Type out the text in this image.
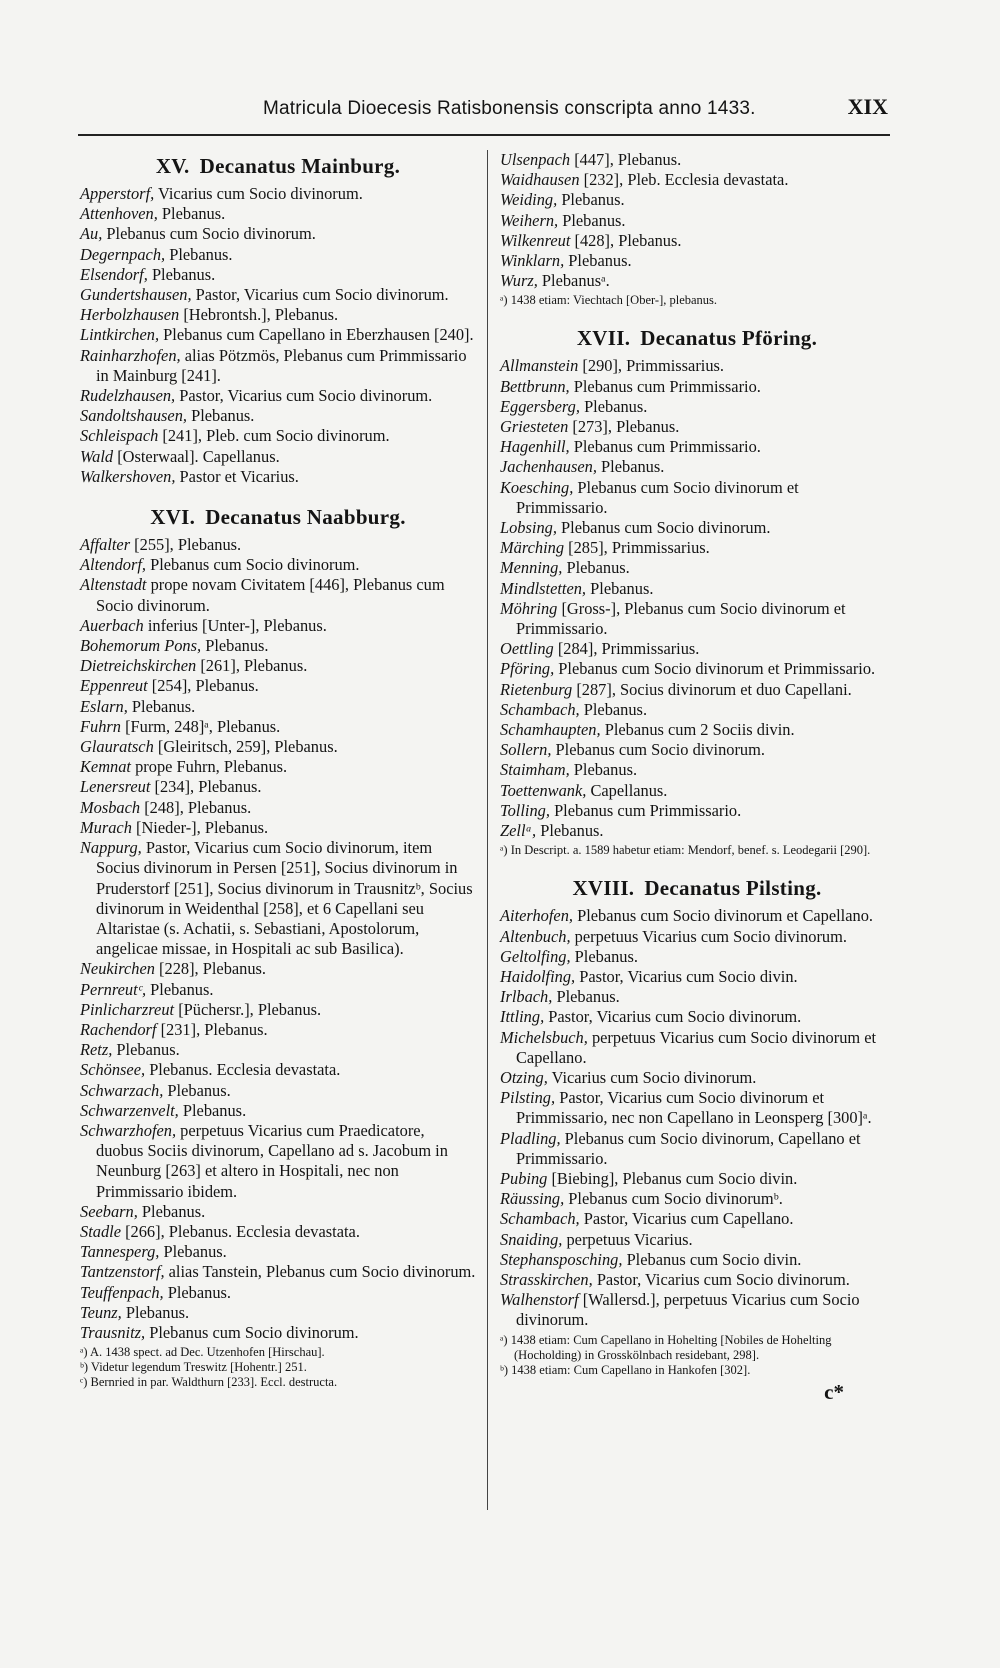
Matricula Dioecesis Ratisbonensis conscripta anno 1433.	XIX
XV. Decanatus Mainburg.
Apperstorf, Vicarius cum Socio divinorum.
Attenhoven, Plebanus.
Au, Plebanus cum Socio divinorum.
Degernpach, Plebanus.
Elsendorf, Plebanus.
Gundertshausen, Pastor, Vicarius cum Socio divinorum.
Herbolzhausen [Hebrontsh.], Plebanus.
Lintkirchen, Plebanus cum Capellano in Eberzhausen [240].
Rainharzhofen, alias Pötzmös, Plebanus cum Primmissario in Mainburg [241].
Rudelzhausen, Pastor, Vicarius cum Socio divinorum.
Sandoltshausen, Plebanus.
Schleispach [241], Pleb. cum Socio divinorum.
Wald [Osterwaal]. Capellanus.
Walkershoven, Pastor et Vicarius.
XVI. Decanatus Naabburg.
Affalter [255], Plebanus.
Altendorf, Plebanus cum Socio divinorum.
Altenstadt prope novam Civitatem [446], Plebanus cum Socio divinorum.
Auerbach inferius [Unter-], Plebanus.
Bohemorum Pons, Plebanus.
Dietreichskirchen [261], Plebanus.
Eppenreut [254], Plebanus.
Eslarn, Plebanus.
Fuhrn [Furm, 248]ᵃ, Plebanus.
Glauratsch [Gleiritsch, 259], Plebanus.
Kemnat prope Fuhrn, Plebanus.
Lenersreut [234], Plebanus.
Mosbach [248], Plebanus.
Murach [Nieder-], Plebanus.
Nappurg, Pastor, Vicarius cum Socio divinorum, item Socius divinorum in Persen [251], Socius divinorum in Pruderstorf [251], Socius divinorum in Trausnitzᵇ, Socius divinorum in Weidenthal [258], et 6 Capellani seu Altaristae (s. Achatii, s. Sebastiani, Apostolorum, angelicae missae, in Hospitali ac sub Basilica).
Neukirchen [228], Plebanus.
Pernreutᶜ, Plebanus.
Pinlicharzreut [Püchersr.], Plebanus.
Rachendorf [231], Plebanus.
Retz, Plebanus.
Schönsee, Plebanus. Ecclesia devastata.
Schwarzach, Plebanus.
Schwarzenvelt, Plebanus.
Schwarzhofen, perpetuus Vicarius cum Praedicatore, duobus Sociis divinorum, Capellano ad s. Jacobum in Neunburg [263] et altero in Hospitali, nec non Primmissario ibidem.
Seebarn, Plebanus.
Stadle [266], Plebanus. Ecclesia devastata.
Tannesperg, Plebanus.
Tantzenstorf, alias Tanstein, Plebanus cum Socio divinorum.
Teuffenpach, Plebanus.
Teunz, Plebanus.
Trausnitz, Plebanus cum Socio divinorum.
ᵃ) A. 1438 spect. ad Dec. Utzenhofen [Hirschau].
ᵇ) Videtur legendum Treswitz [Hohentr.] 251.
ᶜ) Bernried in par. Waldthurn [233]. Eccl. destructa.
Ulsenpach [447], Plebanus.
Waidhausen [232], Pleb. Ecclesia devastata.
Weiding, Plebanus.
Weihern, Plebanus.
Wilkenreut [428], Plebanus.
Winklarn, Plebanus.
Wurz, Plebanusᵃ.
ᵃ) 1438 etiam: Viechtach [Ober-], plebanus.
XVII. Decanatus Pföring.
Allmanstein [290], Primmissarius.
Bettbrunn, Plebanus cum Primmissario.
Eggersberg, Plebanus.
Griesteten [273], Plebanus.
Hagenhill, Plebanus cum Primmissario.
Jachenhausen, Plebanus.
Koesching, Plebanus cum Socio divinorum et Primmissario.
Lobsing, Plebanus cum Socio divinorum.
Märching [285], Primmissarius.
Menning, Plebanus.
Mindlstetten, Plebanus.
Möhring [Gross-], Plebanus cum Socio divinorum et Primmissario.
Oettling [284], Primmissarius.
Pföring, Plebanus cum Socio divinorum et Primmissario.
Rietenburg [287], Socius divinorum et duo Capellani.
Schambach, Plebanus.
Schamhaupten, Plebanus cum 2 Sociis divin.
Sollern, Plebanus cum Socio divinorum.
Staimham, Plebanus.
Toettenwank, Capellanus.
Tolling, Plebanus cum Primmissario.
Zellᵃ, Plebanus.
ᵃ) In Descript. a. 1589 habetur etiam: Mendorf, benef. s. Leodegarii [290].
XVIII. Decanatus Pilsting.
Aiterhofen, Plebanus cum Socio divinorum et Capellano.
Altenbuch, perpetuus Vicarius cum Socio divinorum.
Geltolfing, Plebanus.
Haidolfing, Pastor, Vicarius cum Socio divin.
Irlbach, Plebanus.
Ittling, Pastor, Vicarius cum Socio divinorum.
Michelsbuch, perpetuus Vicarius cum Socio divinorum et Capellano.
Otzing, Vicarius cum Socio divinorum.
Pilsting, Pastor, Vicarius cum Socio divinorum et Primmissario, nec non Capellano in Leonsperg [300]ᵃ.
Pladling, Plebanus cum Socio divinorum, Capellano et Primmissario.
Pubing [Biebing], Plebanus cum Socio divin.
Räussing, Plebanus cum Socio divinorumᵇ.
Schambach, Pastor, Vicarius cum Capellano.
Snaiding, perpetuus Vicarius.
Stephansposching, Plebanus cum Socio divin.
Strasskirchen, Pastor, Vicarius cum Socio divinorum.
Walhenstorf [Wallersd.], perpetuus Vicarius cum Socio divinorum.
ᵃ) 1438 etiam: Cum Capellano in Hohelting [Nobiles de Hohelting (Hocholding) in Grosskölnbach residebant, 298].
ᵇ) 1438 etiam: Cum Capellano in Hankofen [302].
c*
